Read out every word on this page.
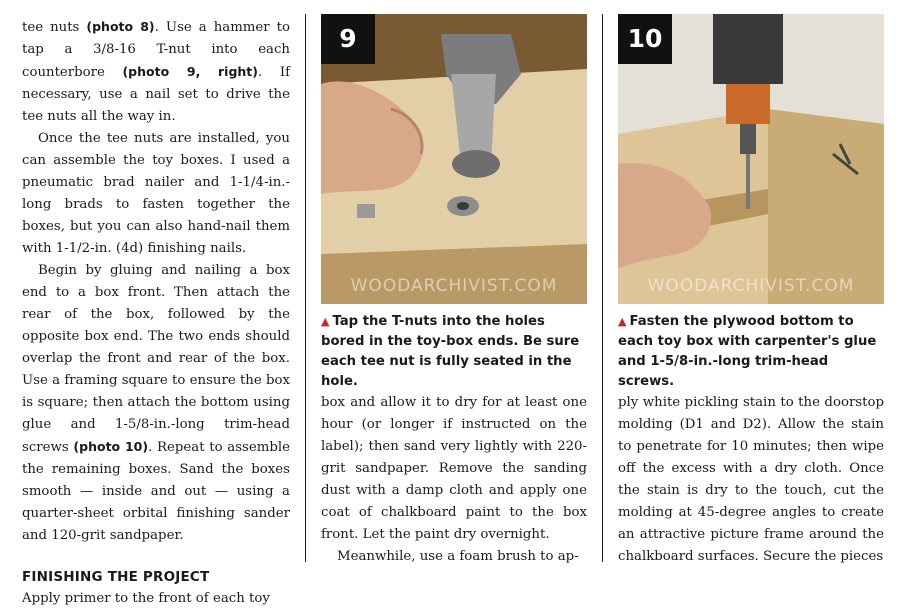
tee nuts (photo 8). Use a hammer to tap a 3/8-16 T-nut into each counterbore (photo 9, right). If necessary, use a nail set to drive the tee nuts all the way in.

Once the tee nuts are installed, you can assemble the toy boxes. I used a pneumatic brad nailer and 1-1/4-in.-long brads to fasten together the boxes, but you can also hand-nail them with 1-1/2-in. (4d) finishing nails.

Begin by gluing and nailing a box end to a box front. Then attach the rear of the box, followed by the opposite box end. The two ends should overlap the front and rear of the box. Use a framing square to ensure the box is square; then attach the bottom using glue and 1-5/8-in.-long trim-head screws (photo 10). Repeat to assemble the remaining boxes. Sand the boxes smooth — inside and out — using a quarter-sheet orbital finishing sander and 120-grit sandpaper.

FINISHING THE PROJECT

Apply primer to the front of each toy

9
WOODARCHIVIST.COM

▲ Tap the T-nuts into the holes bored in the toy-box ends. Be sure each tee nut is fully seated in the hole.

box and allow it to dry for at least one hour (or longer if instructed on the label); then sand very lightly with 220-grit sandpaper. Remove the sanding dust with a damp cloth and apply one coat of chalkboard paint to the box front. Let the paint dry overnight.

Meanwhile, use a foam brush to ap-

10
WOODARCHIVIST.COM

▲ Fasten the plywood bottom to each toy box with carpenter's glue and 1-5/8-in.-long trim-head screws.

ply white pickling stain to the doorstop molding (D1 and D2). Allow the stain to penetrate for 10 minutes; then wipe off the excess with a dry cloth. Once the stain is dry to the touch, cut the molding at 45-degree angles to create an attractive picture frame around the chalkboard surfaces. Secure the pieces
